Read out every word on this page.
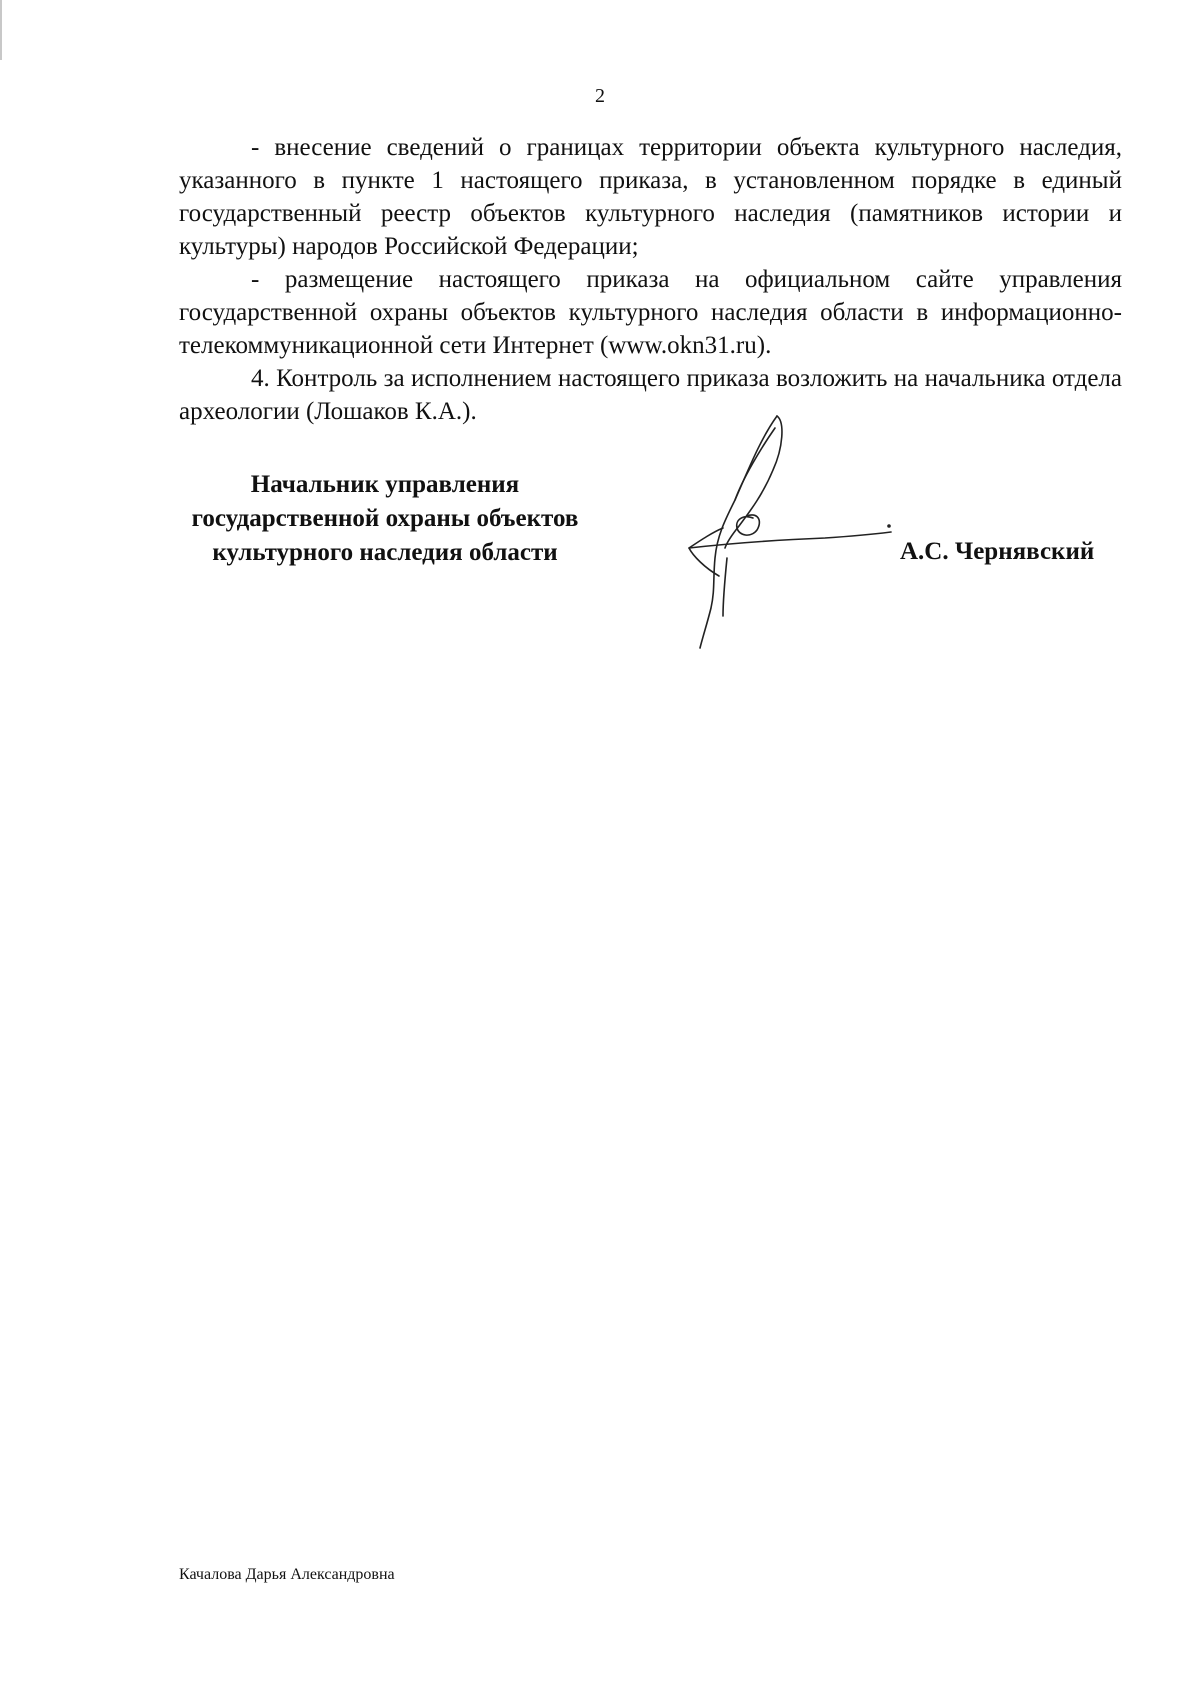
2

- внесение сведений о границах территории объекта культурного наследия, указанного в пункте 1 настоящего приказа, в установленном порядке в единый государственный реестр объектов культурного наследия (памятников истории и культуры) народов Российской Федерации;

- размещение настоящего приказа на официальном сайте управления государственной охраны объектов культурного наследия области в информационно-телекоммуникационной сети Интернет (www.okn31.ru).

4. Контроль за исполнением настоящего приказа возложить на начальника отдела археологии (Лошаков К.А.).

Начальник управления
государственной охраны объектов
культурного наследия области	А.С. Чернявский
Качалова Дарья Александровна
